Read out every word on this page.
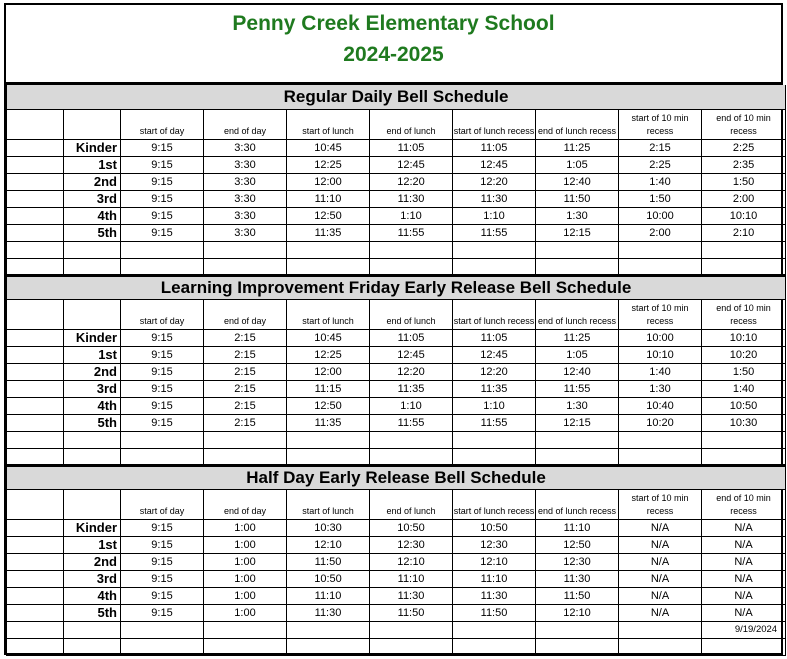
Penny Creek Elementary School
2024-2025
Regular Daily Bell Schedule									
		start of day	end of day	start of lunch	end of lunch	start of lunch recess	end of lunch recess	start of 10 min recess	end of 10 min recess
	Kinder	9:15	3:30	10:45	11:05	11:05	11:25	2:15	2:25
	1st	9:15	3:30	12:25	12:45	12:45	1:05	2:25	2:35
	2nd	9:15	3:30	12:00	12:20	12:20	12:40	1:40	1:50
	3rd	9:15	3:30	11:10	11:30	11:30	11:50	1:50	2:00
	4th	9:15	3:30	12:50	1:10	1:10	1:30	10:00	10:10
	5th	9:15	3:30	11:35	11:55	11:55	12:15	2:00	2:10

Learning Improvement Friday Early Release Bell Schedule									
		start of day	end of day	start of lunch	end of lunch	start of lunch recess	end of lunch recess	start of 10 min recess	end of 10 min recess
	Kinder	9:15	2:15	10:45	11:05	11:05	11:25	10:00	10:10
	1st	9:15	2:15	12:25	12:45	12:45	1:05	10:10	10:20
	2nd	9:15	2:15	12:00	12:20	12:20	12:40	1:40	1:50
	3rd	9:15	2:15	11:15	11:35	11:35	11:55	1:30	1:40
	4th	9:15	2:15	12:50	1:10	1:10	1:30	10:40	10:50
	5th	9:15	2:15	11:35	11:55	11:55	12:15	10:20	10:30

Half Day Early Release Bell Schedule									
		start of day	end of day	start of lunch	end of lunch	start of lunch recess	end of lunch recess	start of 10 min recess	end of 10 min recess
	Kinder	9:15	1:00	10:30	10:50	10:50	11:10	N/A	N/A
	1st	9:15	1:00	12:10	12:30	12:30	12:50	N/A	N/A
	2nd	9:15	1:00	11:50	12:10	12:10	12:30	N/A	N/A
	3rd	9:15	1:00	10:50	11:10	11:10	11:30	N/A	N/A
	4th	9:15	1:00	11:10	11:30	11:30	11:50	N/A	N/A
	5th	9:15	1:00	11:30	11:50	11:50	12:10	N/A	N/A
									9/19/2024
